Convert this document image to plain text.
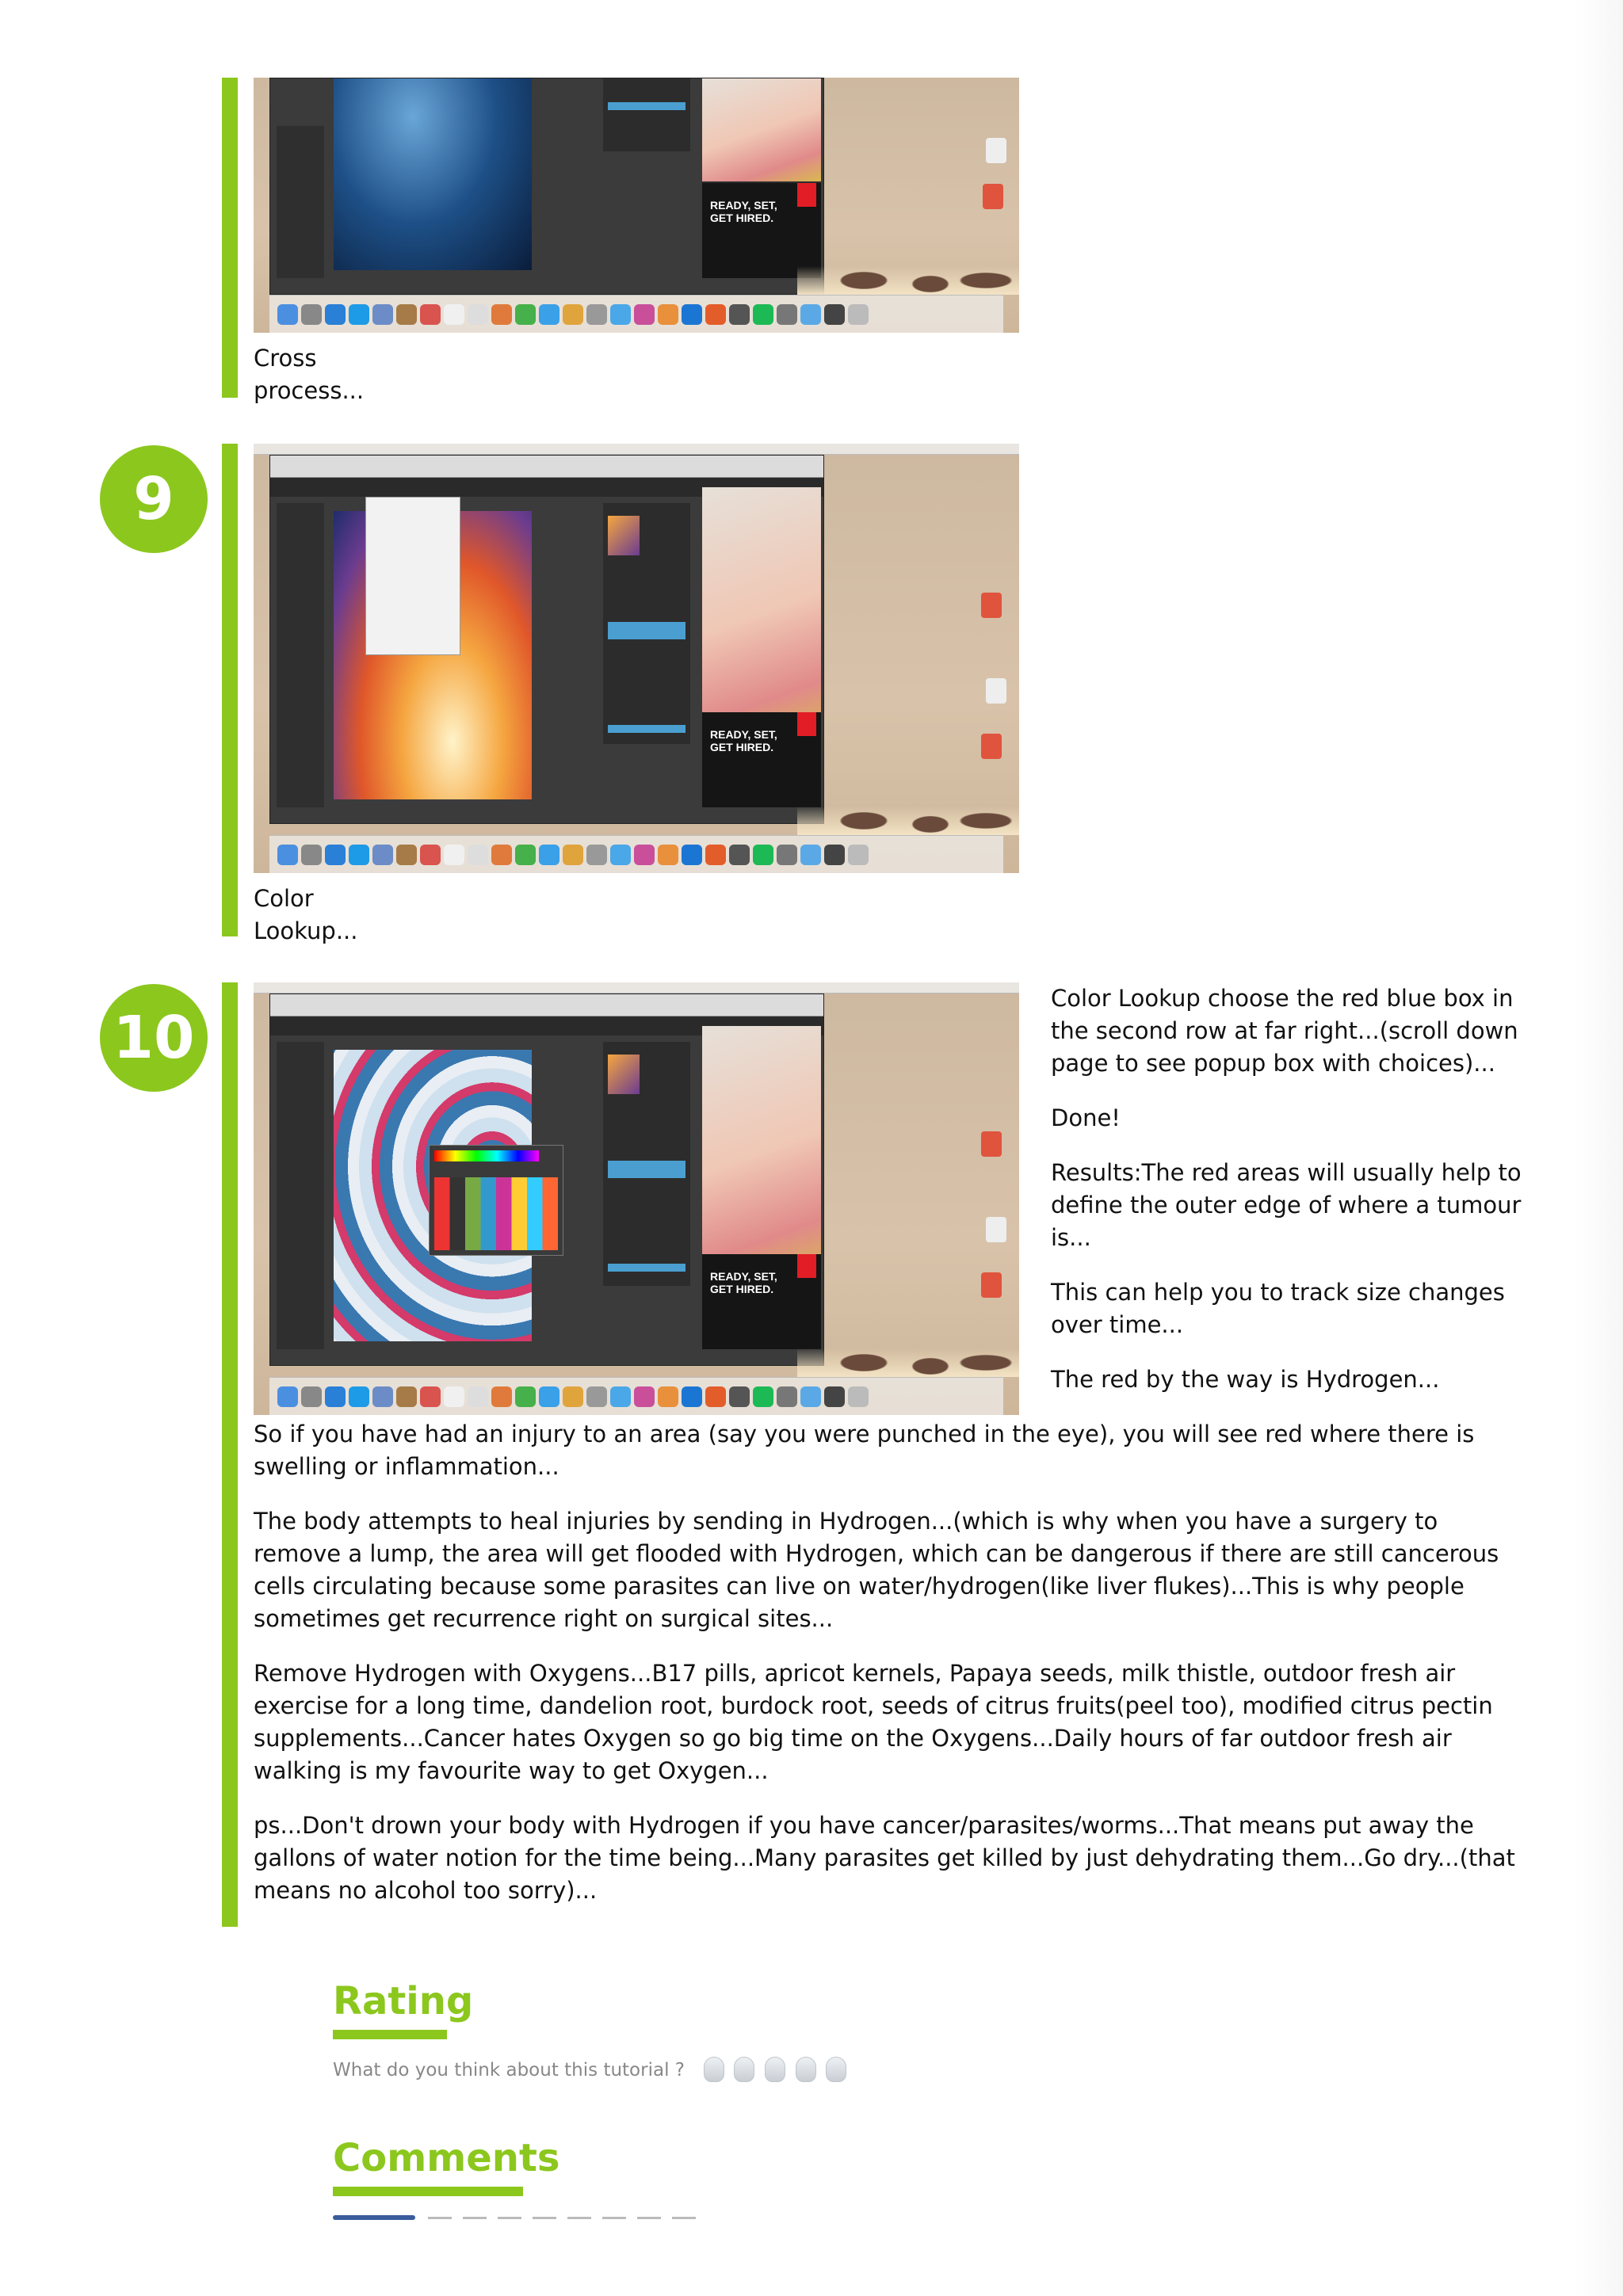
READY, SET,
GET HIRED.
Cross process...
9
READY, SET,
GET HIRED.
Color Lookup...
10
READY, SET,
GET HIRED.

Color Lookup choose the red blue box in the second row at far right...(scroll down page to see popup box with choices)...

Done!

Results:The red areas will usually help to define the outer edge of where a tumour is...

This can help you to track size changes over time...

The red by the way is Hydrogen...

So if you have had an injury to an area (say you were punched in the eye), you will see red where there is swelling or inflammation...

The body attempts to heal injuries by sending in Hydrogen...(which is why when you have a surgery to remove a lump, the area will get flooded with Hydrogen, which can be dangerous if there are still cancerous cells circulating because some parasites can live on water/hydrogen(like liver flukes)...This is why people sometimes get recurrence right on surgical sites...

Remove Hydrogen with Oxygens...B17 pills, apricot kernels, Papaya seeds, milk thistle, outdoor fresh air exercise for a long time, dandelion root, burdock root, seeds of citrus fruits(peel too), modified citrus pectin supplements...Cancer hates Oxygen so go big time on the Oxygens...Daily hours of far outdoor fresh air walking is my favourite way to get Oxygen...

ps...Don't drown your body with Hydrogen if you have cancer/parasites/worms...That means put away the gallons of water notion for the time being...Many parasites get killed by just dehydrating them...Go dry...(that means no alcohol too sorry)...

Rating
What do you think about this tutorial ?
Comments
